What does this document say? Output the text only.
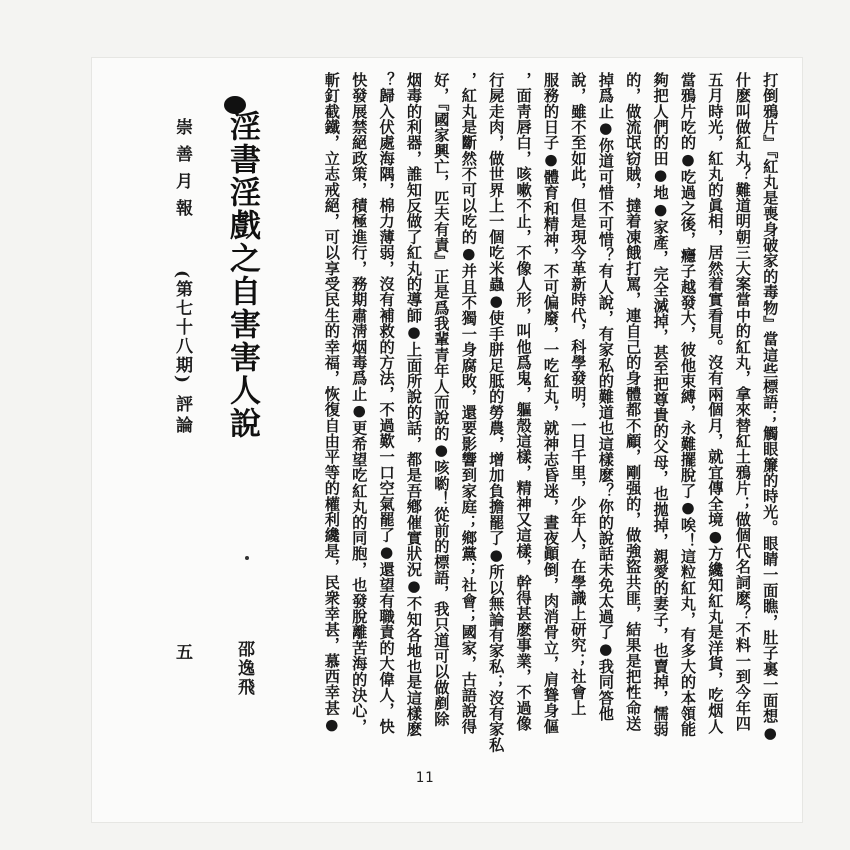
打倒鴉片』『紅丸是喪身破家的毒物』當這些標語；觸眼簾的時光。眼睛一面瞧，肚子裏一面想●
什麽叫做紅丸？難道明朝三大案當中的紅丸，拿來替紅土鴉片；做個代名詞麽？不料一到今年四
五月時光，紅丸的眞相，居然着實看見。沒有兩個月，就宜傳全境●方纔知紅丸是洋貨，吃烟人
當鴉片吃的●吃過之後，癮子越發大，彼他束縛，永難擺脫了●唉！這粒紅丸，有多大的本領能
夠把人們的田●地●家產，完全滅掉，甚至把尊貴的父母，也拋掉，親愛的妻子，也賣掉，懦弱
的，做流氓窃賊，撻着凍餓打罵，連自己的身體都不顧，剛强的，做強盜共匪，結果是把性命送
掉爲止●你道可惜不可惜？有人說，有家私的難道也這樣麽？你的說話未免太過了●我同答他
說，雖不至如此，但是現今革新時代，科學發明，一日千里，少年人，在學識上研究；社會上
服務的日子●體育和精神，不可偏廢，一吃紅丸，就神志昏迷，晝夜顚倒，肉消骨立，肩聳身傴
，面靑唇白，咳嗽不止，不像人形，叫他爲鬼，軀殼這樣，精神又這樣，幹得甚麽事業，不過像
行屍走肉，做世界上一個吃米蟲●使手胼足胝的勞農，增加負擔罷了●所以無論有家私；沒有家私
，紅丸是斷然不可以吃的●并且不獨一身腐敗，還要影響到家庭；鄉黨；社會；國家，古語說得
好，『國家興亡，匹夫有責』正是爲我輩青年人而說的●咳喲！從前的標語，我只道可以做剷除
烟毒的利器，誰知反做了紅丸的導師●上面所說的話，都是吾鄕催實狀況●不知各地也是這樣麽
？歸入伏處海隅，棉力薄弱，沒有補救的方法，不過歎一口空氣罷了●還望有職責的大偉人，快
快發展禁絕政策，積極進行，務期肅淸烟毒爲止●更希望吃紅丸的同胞，也發脫離苦海的決心，
斬釘截鐵，立志戒絕，可以享受民生的幸福，恢復自由平等的權利纔是，民衆幸甚，慕西幸甚●
淫書淫戲之自害害人說
邵逸飛
崇善月報
(第七十八期)
評論
五
11
